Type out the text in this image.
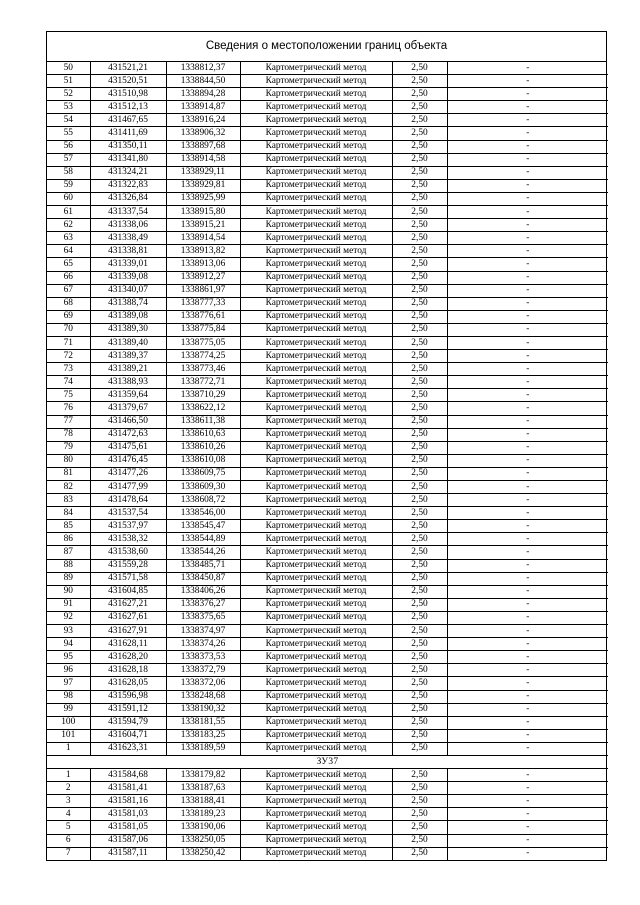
Сведения о местоположении границ объекта
50	431521,21	1338812,37	Картометрический метод	2,50	-
51	431520,51	1338844,50	Картометрический метод	2,50	-
52	431510,98	1338894,28	Картометрический метод	2,50	-
53	431512,13	1338914,87	Картометрический метод	2,50	-
54	431467,65	1338916,24	Картометрический метод	2,50	-
55	431411,69	1338906,32	Картометрический метод	2,50	-
56	431350,11	1338897,68	Картометрический метод	2,50	-
57	431341,80	1338914,58	Картометрический метод	2,50	-
58	431324,21	1338929,11	Картометрический метод	2,50	-
59	431322,83	1338929,81	Картометрический метод	2,50	-
60	431326,84	1338925,99	Картометрический метод	2,50	-
61	431337,54	1338915,80	Картометрический метод	2,50	-
62	431338,06	1338915,21	Картометрический метод	2,50	-
63	431338,49	1338914,54	Картометрический метод	2,50	-
64	431338,81	1338913,82	Картометрический метод	2,50	-
65	431339,01	1338913,06	Картометрический метод	2,50	-
66	431339,08	1338912,27	Картометрический метод	2,50	-
67	431340,07	1338861,97	Картометрический метод	2,50	-
68	431388,74	1338777,33	Картометрический метод	2,50	-
69	431389,08	1338776,61	Картометрический метод	2,50	-
70	431389,30	1338775,84	Картометрический метод	2,50	-
71	431389,40	1338775,05	Картометрический метод	2,50	-
72	431389,37	1338774,25	Картометрический метод	2,50	-
73	431389,21	1338773,46	Картометрический метод	2,50	-
74	431388,93	1338772,71	Картометрический метод	2,50	-
75	431359,64	1338710,29	Картометрический метод	2,50	-
76	431379,67	1338622,12	Картометрический метод	2,50	-
77	431466,50	1338611,38	Картометрический метод	2,50	-
78	431472,63	1338610,63	Картометрический метод	2,50	-
79	431475,61	1338610,26	Картометрический метод	2,50	-
80	431476,45	1338610,08	Картометрический метод	2,50	-
81	431477,26	1338609,75	Картометрический метод	2,50	-
82	431477,99	1338609,30	Картометрический метод	2,50	-
83	431478,64	1338608,72	Картометрический метод	2,50	-
84	431537,54	1338546,00	Картометрический метод	2,50	-
85	431537,97	1338545,47	Картометрический метод	2,50	-
86	431538,32	1338544,89	Картометрический метод	2,50	-
87	431538,60	1338544,26	Картометрический метод	2,50	-
88	431559,28	1338485,71	Картометрический метод	2,50	-
89	431571,58	1338450,87	Картометрический метод	2,50	-
90	431604,85	1338406,26	Картометрический метод	2,50	-
91	431627,21	1338376,27	Картометрический метод	2,50	-
92	431627,61	1338375,65	Картометрический метод	2,50	-
93	431627,91	1338374,97	Картометрический метод	2,50	-
94	431628,11	1338374,26	Картометрический метод	2,50	-
95	431628,20	1338373,53	Картометрический метод	2,50	-
96	431628,18	1338372,79	Картометрический метод	2,50	-
97	431628,05	1338372,06	Картометрический метод	2,50	-
98	431596,98	1338248,68	Картометрический метод	2,50	-
99	431591,12	1338190,32	Картометрический метод	2,50	-
100	431594,79	1338181,55	Картометрический метод	2,50	-
101	431604,71	1338183,25	Картометрический метод	2,50	-
1	431623,31	1338189,59	Картометрический метод	2,50	-
ЗУ37					
1	431584,68	1338179,82	Картометрический метод	2,50	-
2	431581,41	1338187,63	Картометрический метод	2,50	-
3	431581,16	1338188,41	Картометрический метод	2,50	-
4	431581,03	1338189,23	Картометрический метод	2,50	-
5	431581,05	1338190,06	Картометрический метод	2,50	-
6	431587,06	1338250,05	Картометрический метод	2,50	-
7	431587,11	1338250,42	Картометрический метод	2,50	-
